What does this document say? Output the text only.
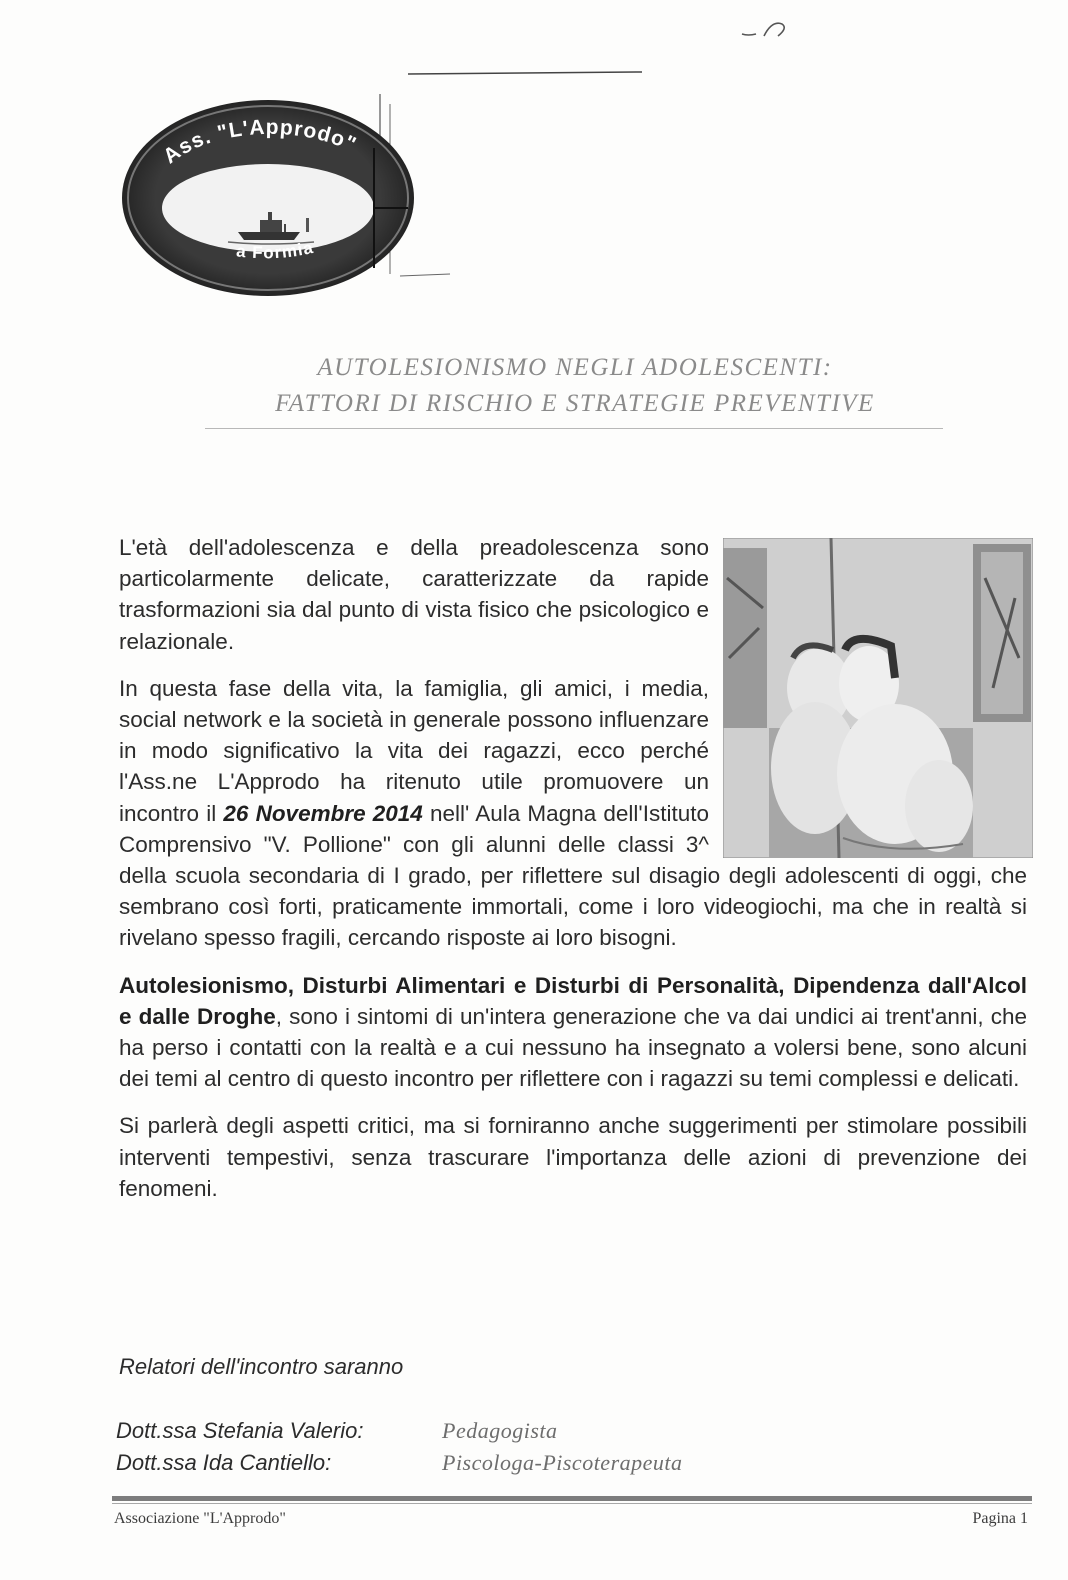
Ass. "L'Approdo"
a Formia
AUTOLESIONISMO NEGLI ADOLESCENTI:
FATTORI DI RISCHIO E STRATEGIE PREVENTIVE

L'età dell'adolescenza e della preadolescenza sono particolarmente delicate, caratterizzate da rapide trasformazioni sia dal punto di vista fisico che psicologico e relazionale.

In questa fase della vita, la famiglia, gli amici, i media, social network e la società in generale possono influenzare in modo significativo la vita dei ragazzi, ecco perché l'Ass.ne L'Approdo ha ritenuto utile promuovere un incontro il 26 Novembre 2014 nell' Aula Magna dell'Istituto Comprensivo "V. Pollione" con gli alunni delle classi 3^ della scuola secondaria di I grado, per riflettere sul disagio degli adolescenti di oggi, che sembrano così forti, praticamente immortali, come i loro videogiochi, ma che in realtà si rivelano spesso fragili, cercando risposte ai loro bisogni.

Autolesionismo, Disturbi Alimentari e Disturbi di Personalità, Dipendenza dall'Alcol e dalle Droghe, sono i sintomi di un'intera generazione che va dai undici ai trent'anni, che ha perso i contatti con la realtà e a cui nessuno ha insegnato a volersi bene, sono alcuni dei temi al centro di questo incontro per riflettere con i ragazzi su temi complessi e delicati.

Si parlerà degli aspetti critici, ma si forniranno anche suggerimenti per stimolare possibili interventi tempestivi, senza trascurare l'importanza delle azioni di prevenzione dei fenomeni.

Relatori dell'incontro saranno
Dott.ssa Stefania Valerio:	Pedagogista
Dott.ssa Ida Cantiello:	Piscologa-Piscoterapeuta
Associazione "L'Approdo"	Pagina 1
